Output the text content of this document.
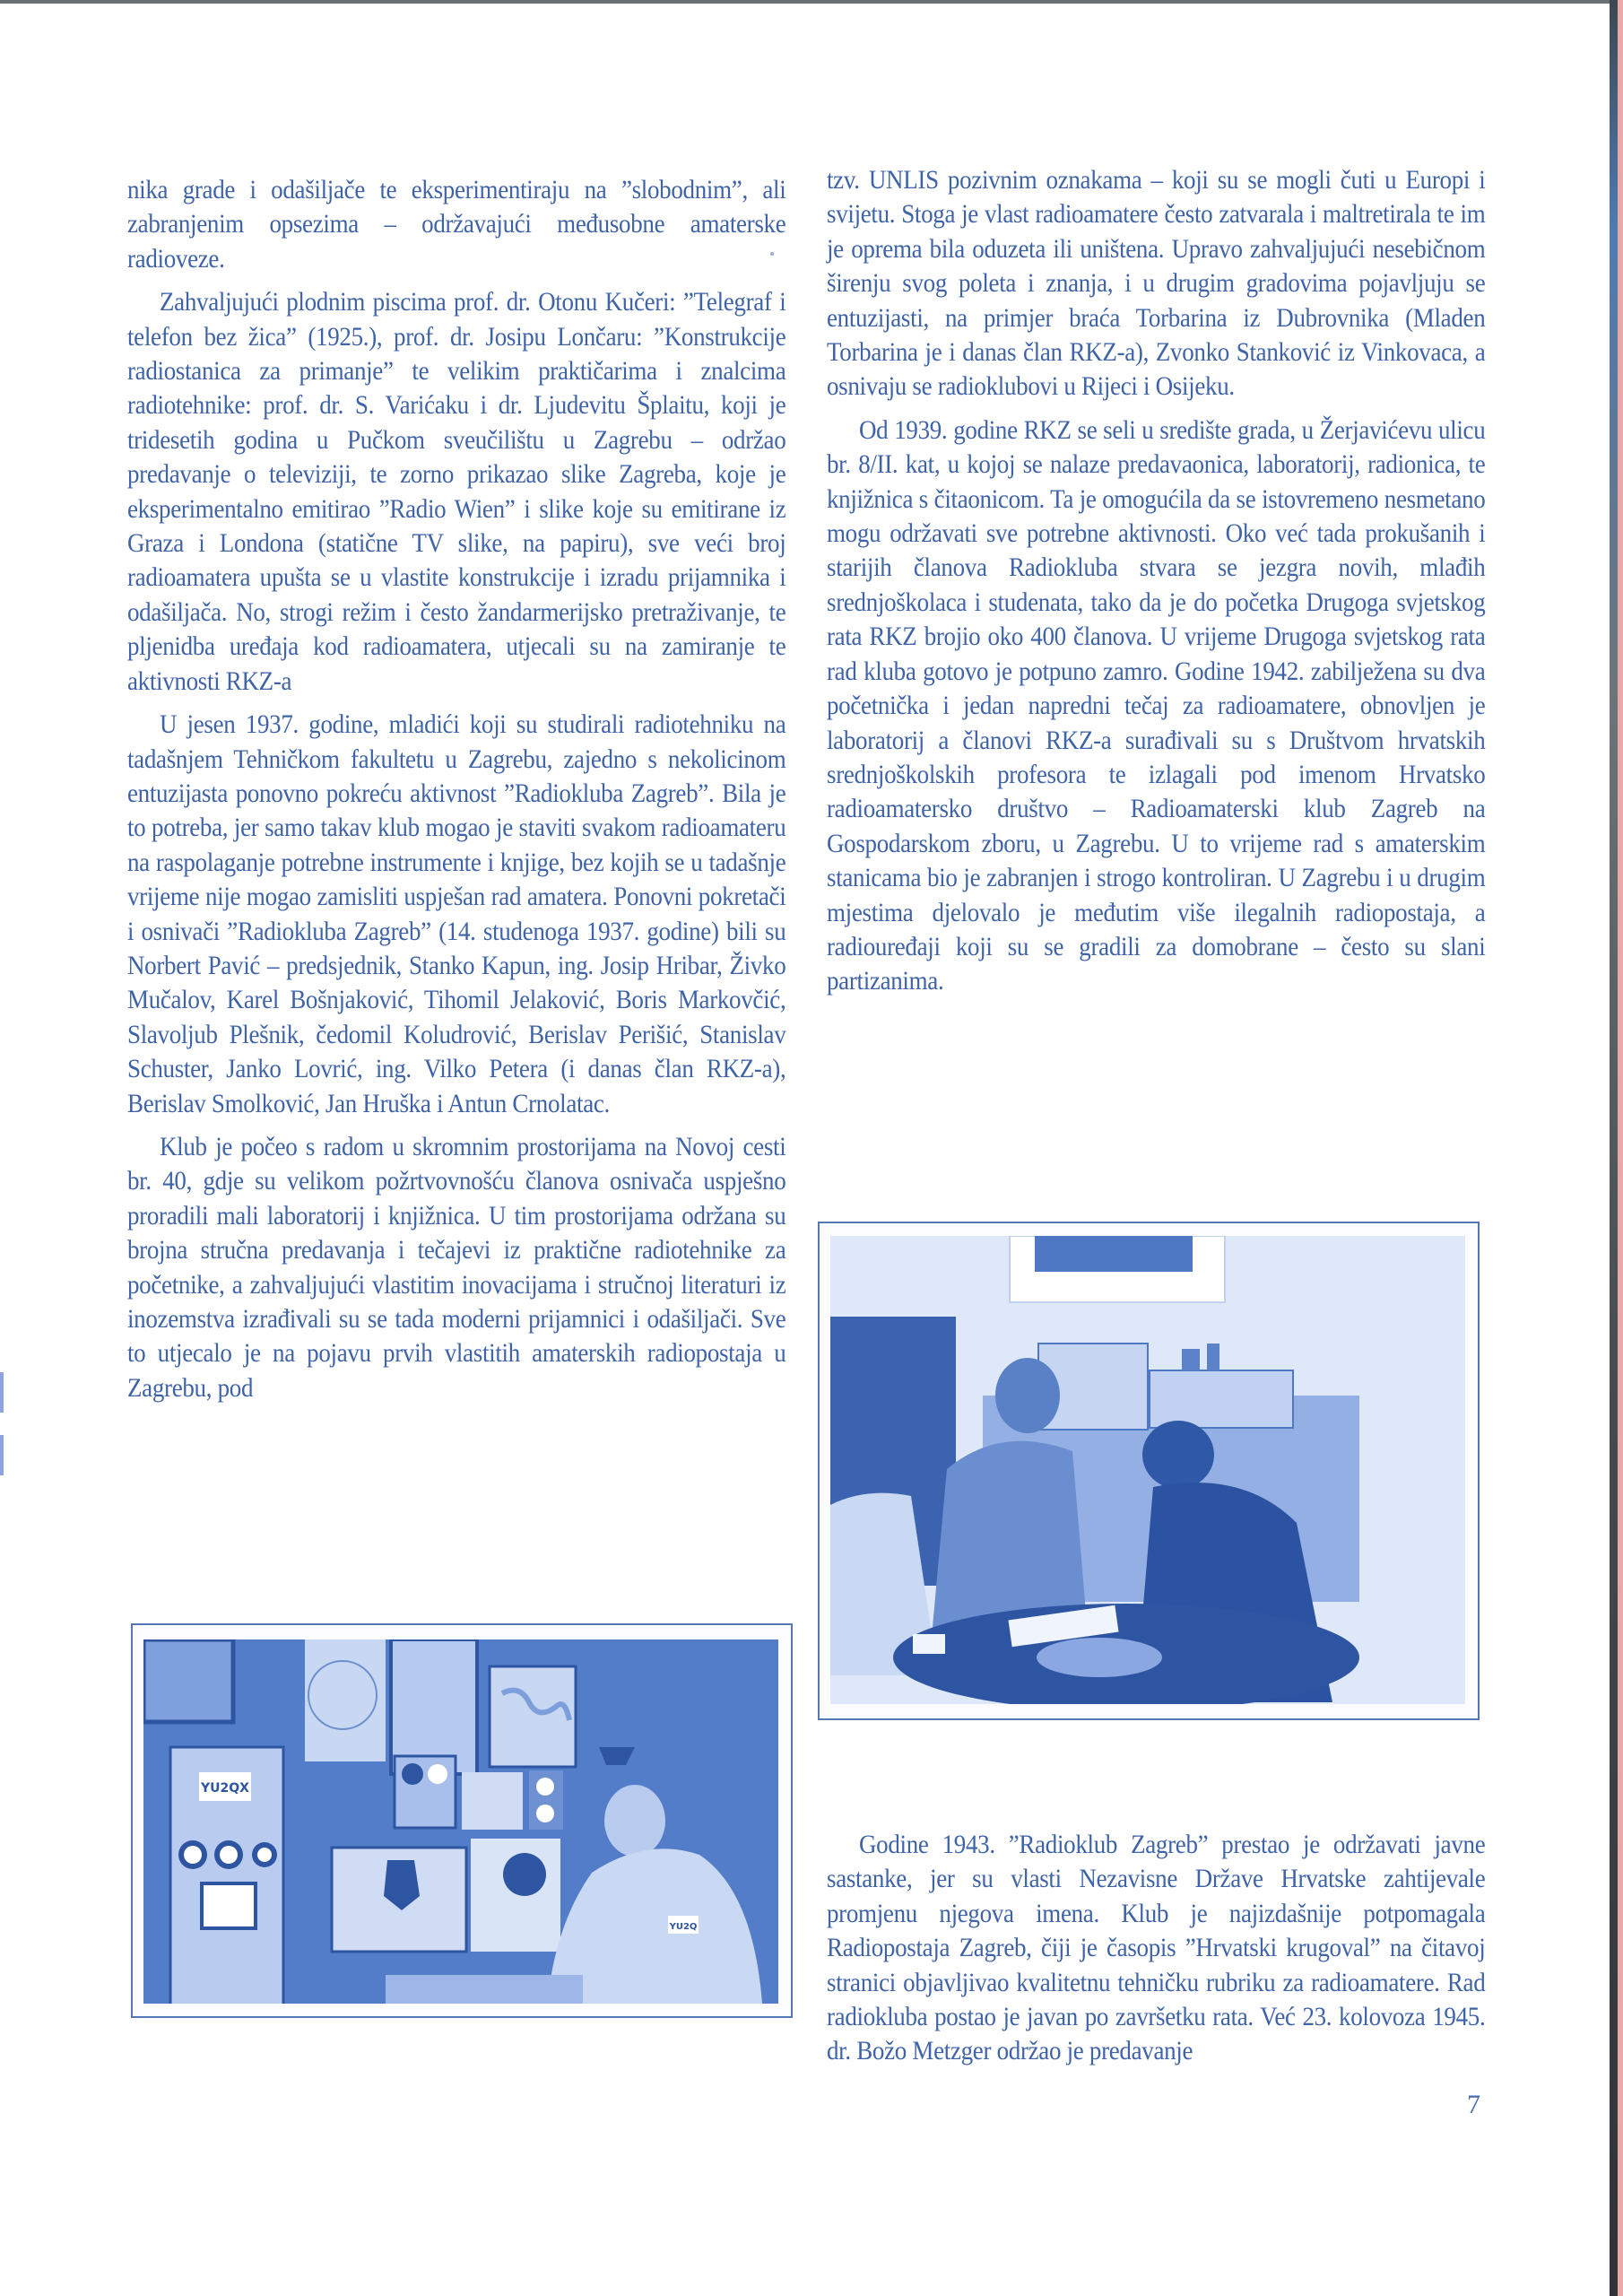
nika grade i odašiljače te eksperimentiraju na ”slobodnim”, ali zabranjenim opsezima – održavajući međusobne amaterske radioveze.

Zahvaljujući plodnim piscima prof. dr. Otonu Kučeri: ”Telegraf i telefon bez žica” (1925.), prof. dr. Josipu Lončaru: ”Konstrukcije radiostanica za primanje” te velikim praktičarima i znalcima radiotehnike: prof. dr. S. Varićaku i dr. Ljudevitu Šplaitu, koji je tridesetih godina u Pučkom sveučilištu u Zagrebu – održao predavanje o televiziji, te zorno prikazao slike Zagreba, koje je eksperimentalno emitirao ”Radio Wien” i slike koje su emitirane iz Graza i Londona (statične TV slike, na papiru), sve veći broj radioamatera upušta se u vlastite konstrukcije i izradu prijamnika i odašiljača. No, strogi režim i često žandarmerijsko pretraživanje, te pljenidba uređaja kod radioamatera, utjecali su na zamiranje te aktivnosti RKZ-a

U jesen 1937. godine, mladići koji su studirali radiotehniku na tadašnjem Tehničkom fakultetu u Zagrebu, zajedno s nekolicinom entuzijasta ponovno pokreću aktivnost ”Radiokluba Zagreb”. Bila je to potreba, jer samo takav klub mogao je staviti svakom radioamateru na raspolaganje potrebne instrumente i knjige, bez kojih se u tadašnje vrijeme nije mogao zamisliti uspješan rad amatera. Ponovni pokretači i osnivači ”Radiokluba Zagreb” (14. studenoga 1937. godine) bili su Norbert Pavić – predsjednik, Stanko Kapun, ing. Josip Hribar, Živko Mučalov, Karel Bošnjaković, Tihomil Jelaković, Boris Markovčić, Slavoljub Plešnik, čedomil Koludrović, Berislav Perišić, Stanislav Schuster, Janko Lovrić, ing. Vilko Petera (i danas član RKZ-a), Berislav Smolković, Jan Hruška i Antun Crnolatac.

Klub je počeo s radom u skromnim prostorijama na Novoj cesti br. 40, gdje su velikom požrtvovnošću članova osnivača uspješno proradili mali laboratorij i knjižnica. U tim prostorijama održana su brojna stručna predavanja i tečajevi iz praktične radiotehnike za početnike, a zahvaljujući vlastitim inovacijama i stručnoj literaturi iz inozemstva izrađivali su se tada moderni prijamnici i odašiljači. Sve to utjecalo je na pojavu prvih vlastitih amaterskih radiopostaja u Zagrebu, pod

tzv. UNLIS pozivnim oznakama – koji su se mogli čuti u Europi i svijetu. Stoga je vlast radioamatere često zatvarala i maltretirala te im je oprema bila oduzeta ili uništena. Upravo zahvaljujući nesebičnom širenju svog poleta i znanja, i u drugim gradovima pojavljuju se entuzijasti, na primjer braća Torbarina iz Dubrovnika (Mladen Torbarina je i danas član RKZ-a), Zvonko Stanković iz Vinkovaca, a osnivaju se radioklubovi u Rijeci i Osijeku.

Od 1939. godine RKZ se seli u središte grada, u Žerjavićevu ulicu br. 8/II. kat, u kojoj se nalaze predavaonica, laboratorij, radionica, te knjižnica s čitaonicom. Ta je omogućila da se istovremeno nesmetano mogu održavati sve potrebne aktivnosti. Oko već tada prokušanih i starijih članova Radiokluba stvara se jezgra novih, mlađih srednjoškolaca i studenata, tako da je do početka Drugoga svjetskog rata RKZ brojio oko 400 članova. U vrijeme Drugoga svjetskog rata rad kluba gotovo je potpuno zamro. Godine 1942. zabilježena su dva početnička i jedan napredni tečaj za radioamatere, obnovljen je laboratorij a članovi RKZ-a surađivali su s Društvom hrvatskih srednjoškolskih profesora te izlagali pod imenom Hrvatsko radioamatersko društvo – Radioamaterski klub Zagreb na Gospodarskom zboru, u Zagrebu. U to vrijeme rad s amaterskim stanicama bio je zabranjen i strogo kontroliran. U Zagrebu i u drugim mjestima djelovalo je međutim više ilegalnih radiopostaja, a radiouređaji koji su se gradili za domobrane – često su slani partizanima.

Godine 1943. ”Radioklub Zagreb” prestao je održavati javne sastanke, jer su vlasti Nezavisne Države Hrvatske zahtijevale promjenu njegova imena. Klub je najizdašnije potpomagala Radiopostaja Zagreb, čiji je časopis ”Hrvatski krugoval” na čitavoj stranici objavljivao kvalitetnu tehničku rubriku za radioamatere. Rad radiokluba postao je javan po završetku rata. Već 23. kolovoza 1945. dr. Božo Metzger održao je predavanje

YU2QX
YU2Q
7
